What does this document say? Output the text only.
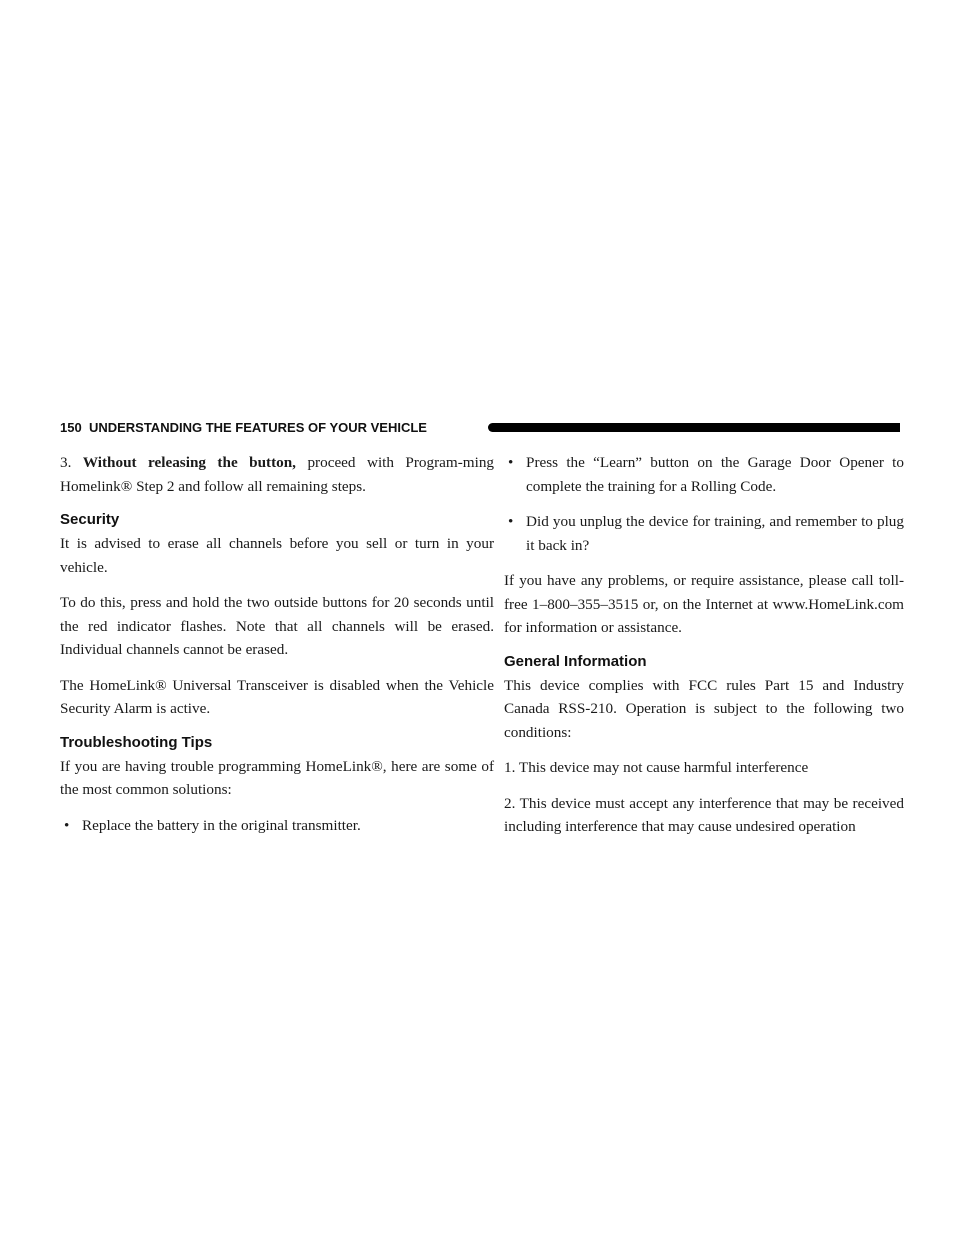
150 UNDERSTANDING THE FEATURES OF YOUR VEHICLE

3. Without releasing the button, proceed with Program-ming Homelink® Step 2 and follow all remaining steps.

Security

It is advised to erase all channels before you sell or turn in your vehicle.

To do this, press and hold the two outside buttons for 20 seconds until the red indicator flashes. Note that all channels will be erased. Individual channels cannot be erased.

The HomeLink® Universal Transceiver is disabled when the Vehicle Security Alarm is active.

Troubleshooting Tips

If you are having trouble programming HomeLink®, here are some of the most common solutions:

• Replace the battery in the original transmitter.
• Press the “Learn” button on the Garage Door Opener to complete the training for a Rolling Code.
• Did you unplug the device for training, and remember to plug it back in?

If you have any problems, or require assistance, please call toll-free 1–800–355–3515 or, on the Internet at www.HomeLink.com for information or assistance.

General Information

This device complies with FCC rules Part 15 and Industry Canada RSS-210. Operation is subject to the following two conditions:

1. This device may not cause harmful interference

2. This device must accept any interference that may be received including interference that may cause undesired operation
